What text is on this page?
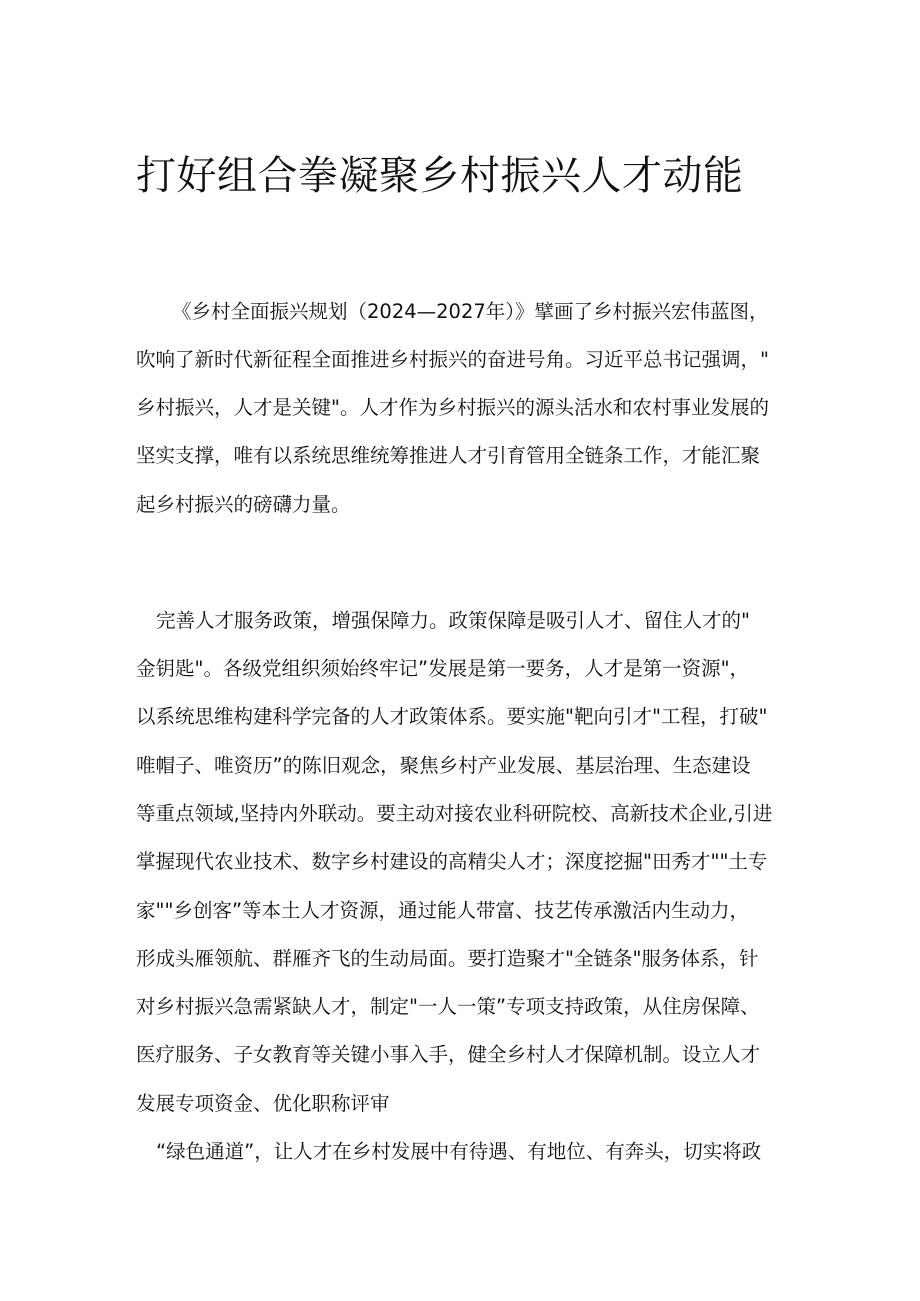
打好组合拳凝聚乡村振兴人才动能
《乡村全面振兴规划（2024—2027年）》擘画了乡村振兴宏伟蓝图，
吹响了新时代新征程全面推进乡村振兴的奋进号角。习近平总书记强调，"
乡村振兴，人才是关键"。人才作为乡村振兴的源头活水和农村事业发展的
坚实支撑，唯有以系统思维统筹推进人才引育管用全链条工作，才能汇聚
起乡村振兴的磅礴力量。
完善人才服务政策，增强保障力。政策保障是吸引人才、留住人才的"
金钥匙"。各级党组织须始终牢记”发展是第一要务，人才是第一资源"，
以系统思维构建科学完备的人才政策体系。要实施"靶向引才"工程，打破"
唯帽子、唯资历”的陈旧观念，聚焦乡村产业发展、基层治理、生态建设
等重点领域,坚持内外联动。要主动对接农业科研院校、高新技术企业,引进
掌握现代农业技术、数字乡村建设的高精尖人才；深度挖掘"田秀才""土专
家""乡创客”等本土人才资源，通过能人带富、技艺传承激活内生动力，
形成头雁领航、群雁齐飞的生动局面。要打造聚才"全链条"服务体系，针
对乡村振兴急需紧缺人才，制定"一人一策”专项支持政策，从住房保障、
医疗服务、子女教育等关键小事入手，健全乡村人才保障机制。设立人才
发展专项资金、优化职称评审
“绿色通道”，让人才在乡村发展中有待遇、有地位、有奔头，切实将政
